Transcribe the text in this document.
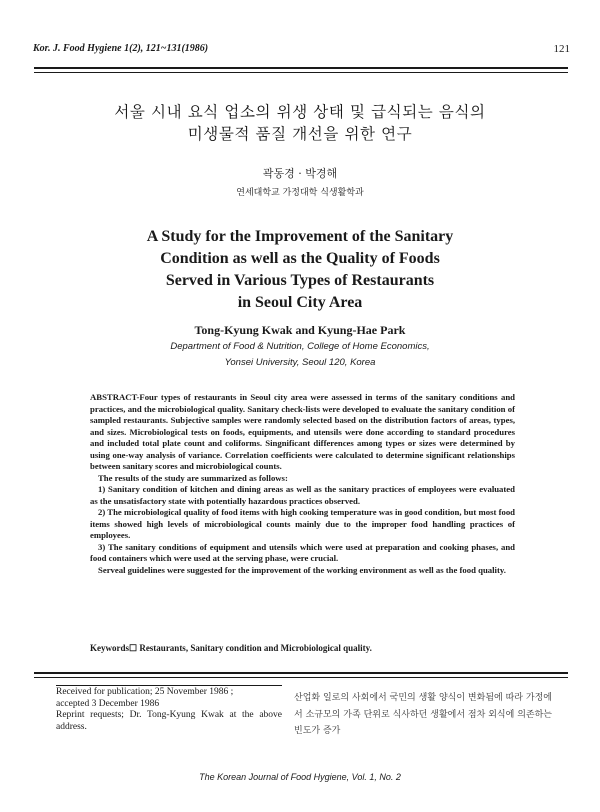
Kor. J. Food Hygiene 1(2), 121~131(1986)	121
서울 시내 요식 업소의 위생 상태 및 급식되는 음식의
미생물적 품질 개선을 위한 연구
곽동경 · 박경해
연세대학교 가정대학 식생활학과
A Study for the Improvement of the Sanitary
Condition as well as the Quality of Foods
Served in Various Types of Restaurants
in Seoul City Area
Tong-Kyung Kwak and Kyung-Hae Park
Department of Food & Nutrition, College of Home Economics,
Yonsei University, Seoul 120, Korea

ABSTRACT-Four types of restaurants in Seoul city area were assessed in terms of the sanitary conditions and practices, and the microbiological quality. Sanitary check-lists were developed to evaluate the sanitary condition of sampled restaurants. Subjective samples were randomly selected based on the distribution factors of areas, types, and sizes. Microbiological tests on foods, equipments, and utensils were done according to standard procedures and included total plate count and coliforms. Singnificant differences among types or sizes were determined by using one-way analysis of variance. Correlation coefficients were calculated to determine significant relationships between sanitary scores and microbiological counts.

The results of the study are summarized as follows:

1) Sanitary condition of kitchen and dining areas as well as the sanitary practices of employees were evaluated as the unsatisfactory state with potentially hazardous practices observed.

2) The microbiological quality of food items with high cooking temperature was in good condition, but most food items showed high levels of microbiological counts mainly due to the improper food handling practices of employees.

3) The sanitary conditions of equipment and utensils which were used at preparation and cooking phases, and food containers which were used at the serving phase, were crucial.

Serveal guidelines were suggested for the improvement of the working environment as well as the food quality.

Keywords☐ Restaurants, Sanitary condition and Microbiological quality.

Received for publication; 25 November 1986 ;

accepted 3 December 1986

Reprint requests; Dr. Tong-Kyung Kwak at the above address.

산업화 일로의 사회에서 국민의 생활 양식이 변화됨에 따라 가정에서 소규모의 가족 단위로 식사하던 생활에서 점차 외식에 의존하는 빈도가 증가

The Korean Journal of Food Hygiene, Vol. 1, No. 2
